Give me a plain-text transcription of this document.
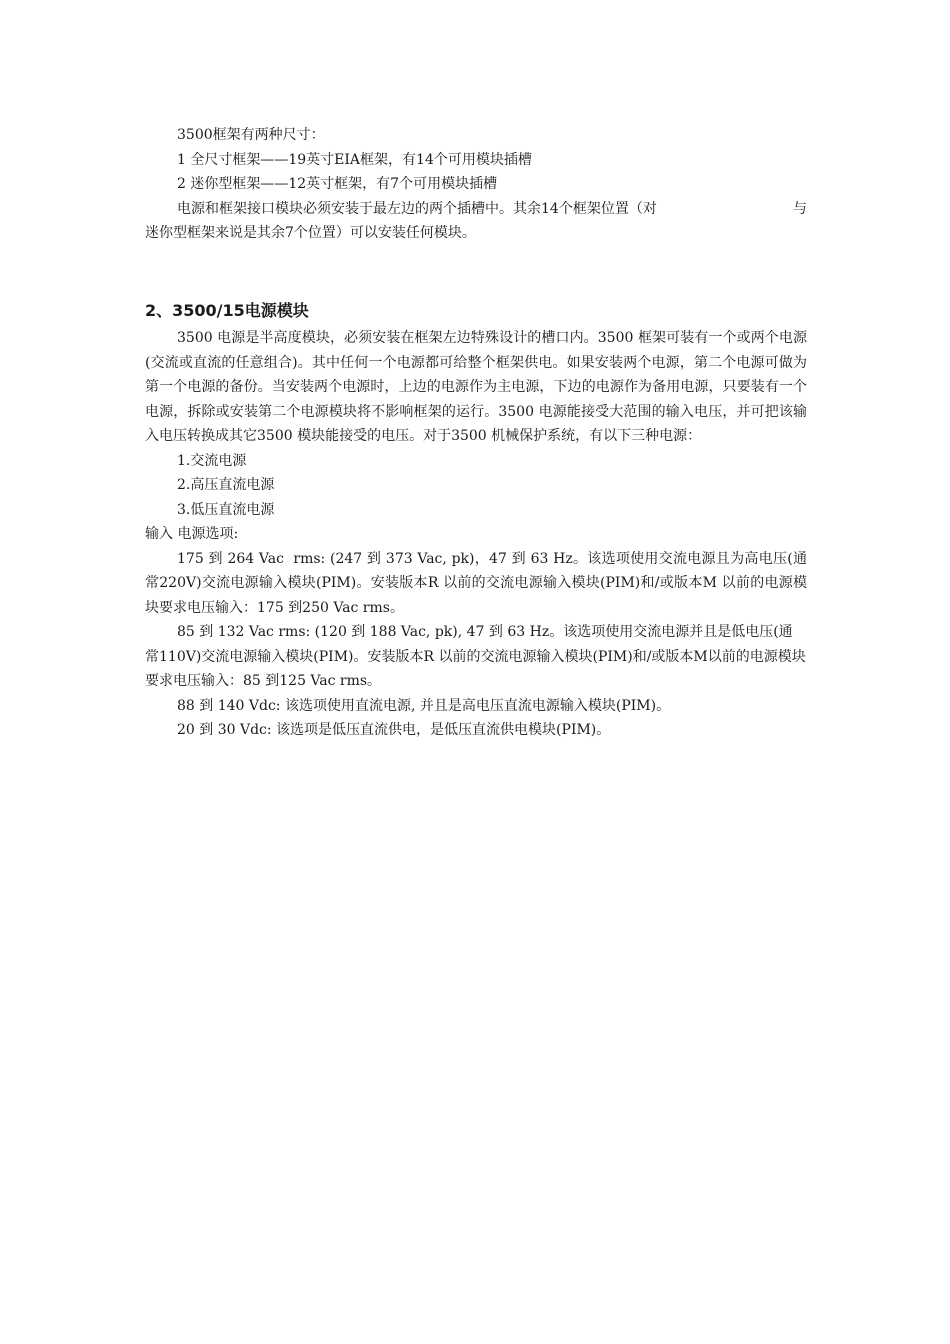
3500框架有两种尺寸：

1 全尺寸框架——19英寸EIA框架，有14个可用模块插槽

2 迷你型框架——12英寸框架，有7个可用模块插槽

电源和框架接口模块必须安装于最左边的两个插槽中。其余14个框架位置（对	与

迷你型框架来说是其余7个位置）可以安装任何模块。

2、3500/15电源模块

3500 电源是半高度模块，必须安装在框架左边特殊设计的槽口内。3500 框架可装有一个或两个电源(交流或直流的任意组合)。其中任何一个电源都可给整个框架供电。如果安装两个电源，第二个电源可做为第一个电源的备份。当安装两个电源时，上边的电源作为主电源，下边的电源作为备用电源，只要装有一个电源，拆除或安装第二个电源模块将不影响框架的运行。3500 电源能接受大范围的输入电压，并可把该输入电压转换成其它3500 模块能接受的电压。对于3500 机械保护系统，有以下三种电源：

1.交流电源

2.高压直流电源

3.低压直流电源

输入 电源选项:

175 到 264 Vac  rms: (247 到 373 Vac, pk)，47 到 63 Hz。该选项使用交流电源且为高电压(通常220V)交流电源输入模块(PIM)。安装版本R 以前的交流电源输入模块(PIM)和/或版本M 以前的电源模块要求电压输入：175 到250 Vac rms。

85 到 132 Vac rms: (120 到 188 Vac, pk), 47 到 63 Hz。该选项使用交流电源并且是低电压(通

常110V)交流电源输入模块(PIM)。安装版本R 以前的交流电源输入模块(PIM)和/或版本M以前的电源模块要求电压输入：85 到125 Vac rms。

88 到 140 Vdc: 该选项使用直流电源, 并且是高电压直流电源输入模块(PIM)。

20 到 30 Vdc: 该选项是低压直流供电，是低压直流供电模块(PIM)。
